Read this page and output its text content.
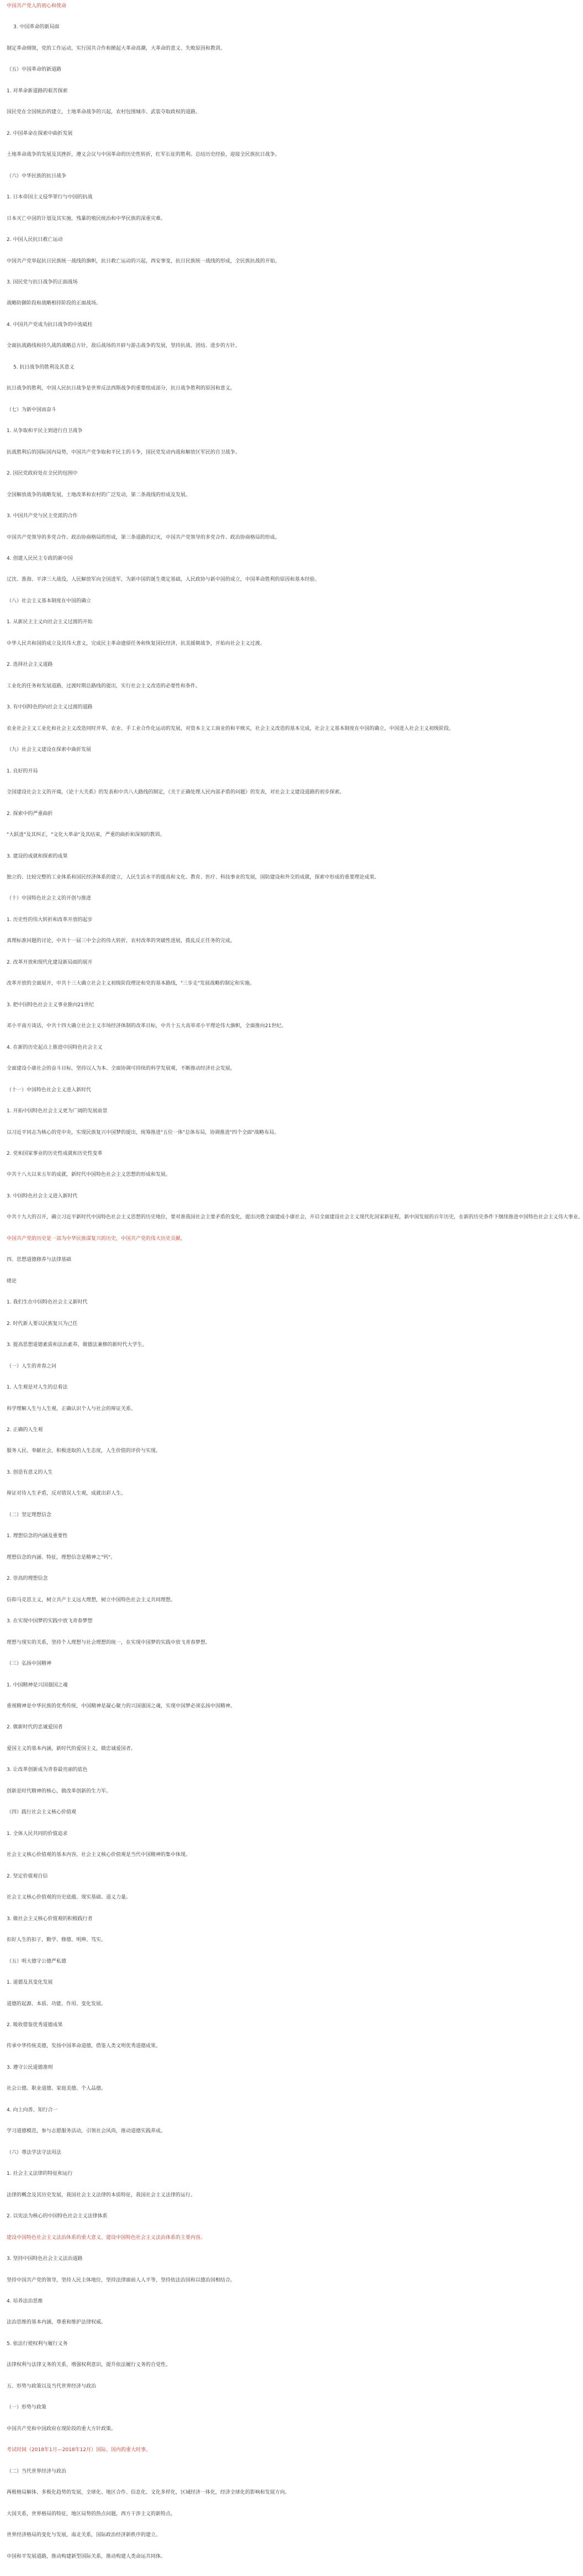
中国共产党人的初心和使命
3. 中国革命的新局面
制定革命纲领，党的工作运动，实行国共合作和掀起大革命高潮，大革命的意义、失败原因和教训。
（五）中国革命的新道路
1. 对革命新道路的艰苦探索
国民党在全国统治的建立，土地革命战争的兴起，农村包围城市、武装夺取政权的道路。
2. 中国革命在探索中曲折发展
土地革命战争的发展及其挫折，遵义会议与中国革命的历史性转折，红军长征的胜利。总结历史经验，迎接全民族抗日战争。
（六）中华民族的抗日战争
1. 日本帝国主义侵华罪行与中国的抗战
日本灭亡中国的计划及其实施，残暴的殖民统治和中华民族的深重灾难。
2. 中国人民抗日救亡运动
中国共产党举起抗日民族统一战线的旗帜，抗日救亡运动的兴起，西安事变，抗日民族统一战线的形成，全民族抗战的开始。
3. 国民党与抗日战争的正面战场
战略防御阶段和战略相持阶段的正面战场。
4. 中国共产党成为抗日战争的中流砥柱
全面抗战路线和持久战的战略总方针，敌后战场的开辟与游击战争的发展，坚持抗战、团结、进步的方针。
5. 抗日战争的胜利及其意义
抗日战争的胜利，中国人民抗日战争是世界反法西斯战争的重要组成部分，抗日战争胜利的原因和意义。
（七）为新中国而奋斗
1. 从争取和平民主到进行自卫战争
抗战胜利后的国际国内局势，中国共产党争取和平民主的斗争，国民党发动内战和解放区军民的自卫战争。
2. 国民党政府处在全民的包围中
全国解放战争的战略发展，土地改革和农村的广泛发动，第二条战线的形成及发展。
3. 中国共产党与民主党派的合作
中国共产党领导的多党合作、政治协商格局的形成，第三条道路的幻灭，中国共产党领导的多党合作、政治协商格局的形成。
4. 创建人民民主专政的新中国
辽沈、淮海、平津三大战役，人民解放军向全国进军，为新中国的诞生奠定基础，人民政协与新中国的成立，中国革命胜利的原因和基本经验。
（八）社会主义基本制度在中国的确立
1. 从新民主主义向社会主义过渡的开始
中华人民共和国的成立及其伟大意义，完成民主革命遗留任务和恢复国民经济，抗美援朝战争，开始向社会主义过渡。
2. 选择社会主义道路
工业化的任务和发展道路，过渡时期总路线的提出，实行社会主义改造的必要性和条件。
3. 有中国特色的向社会主义过渡的道路
农业社会主义工业化和社会主义改造同时并举，农业、手工业合作化运动的发展，对资本主义工商业的和平赎买，社会主义改造的基本完成，社会主义基本制度在中国的确立，中国进入社会主义初级阶段。
（九）社会主义建设在探索中曲折发展
1. 良好的开局
全国建设社会主义的开端，《论十大关系》的发表和中共八大路线的制定，《关于正确处理人民内部矛盾的问题》的发表，对社会主义建设道路的初步探索。
2. 探索中的严重曲折
"大跃进"及其纠正，"文化大革命"及其结束，严重的曲折和深刻的教训。
3. 建设的成就和探索的成果
独立的、比较完整的工业体系和国民经济体系的建立，人民生活水平的提高和文化、教育、医疗、科技事业的发展，国防建设和外交的成就，探索中形成的重要理论成果。
（十）中国特色社会主义的开创与推进
1. 历史性的伟大转折和改革开放的起步
真理标准问题的讨论，中共十一届三中全会的伟大转折，农村改革的突破性进展，拨乱反正任务的完成。
2. 改革开放和现代化建设新局面的展开
改革开放的全面展开，中共十三大确立社会主义初级阶段理论和党的基本路线，"三步走"发展战略的制定和实施。
3. 把中国特色社会主义事业推向21世纪
邓小平南方谈话，中共十四大确立社会主义市场经济体制的改革目标，中共十五大高举邓小平理论伟大旗帜，全面推向21世纪。
4. 在新的历史起点上推进中国特色社会主义
全面建设小康社会的奋斗目标，坚持以人为本、全面协调可持续的科学发展观，不断推动经济社会发展。
（十一）中国特色社会主义进入新时代
1. 开拓中国特色社会主义更为广阔的发展前景
以习近平同志为核心的党中央，实现民族复兴中国梦的提出，统筹推进"五位一体"总体布局，协调推进"四个全面"战略布局。
2. 党和国家事业的历史性成就和历史性变革
中共十八大以来五年的成就，新时代中国特色社会主义思想的形成和发展。
3. 中国特色社会主义进入新时代
中共十九大的召开，确立习近平新时代中国特色社会主义思想的历史地位，要对准我国社会主要矛盾的变化，提出决胜全面建成小康社会，开启全面建设社会主义现代化国家新征程，新中国发展的百年历史，在新的历史条件下继续推进中国特色社会主义伟大事业。
中国共产党的历史是一部为中华民族谋复兴的历史，中国共产党的伟大历史贡献。
四、思想道德修养与法律基础
绪论
1. 我们生在中国特色社会主义新时代
2. 时代新人要以民族复兴为己任
3. 提高思想道德素质和法治素养，做德法兼修的新时代大学生。
（一）人生的青春之问
1. 人生观是对人生的总看法
科学理解人生与人生观，正确认识个人与社会的辩证关系。
2. 正确的人生观
服务人民、奉献社会，积极进取的人生态度，人生价值的评价与实现。
3. 创造有意义的人生
辩证对待人生矛盾，反对错误人生观，成就出彩人生。
（二）坚定理想信念
1. 理想信念的内涵及重要性
理想信念的内涵、特征，理想信念是精神之"钙"。
2. 崇高的理想信念
信仰马克思主义，树立共产主义远大理想，树立中国特色社会主义共同理想。
3. 在实现中国梦的实践中放飞青春梦想
理想与现实的关系，坚持个人理想与社会理想的统一，在实现中国梦的实践中放飞青春梦想。
（三）弘扬中国精神
1. 中国精神是兴国强国之魂
重视精神是中华民族的优秀传统，中国精神是凝心聚力的兴国强国之魂，实现中国梦必须弘扬中国精神。
2. 做新时代的忠诚爱国者
爱国主义的基本内涵，新时代的爱国主义，做忠诚爱国者。
3. 让改革创新成为青春最亮丽的底色
创新是时代精神的核心，做改革创新的生力军。
（四）践行社会主义核心价值观
1. 全体人民共同的价值追求
社会主义核心价值观的基本内容，社会主义核心价值观是当代中国精神的集中体现。
2. 坚定价值观自信
社会主义核心价值观的历史底蕴、现实基础、道义力量。
3. 做社会主义核心价值观的积极践行者
扣好人生的扣子，勤学、修德、明辨、笃实。
（五）明大德守公德严私德
1. 道德及其变化发展
道德的起源、本质、功能、作用、变化发展。
2. 吸收借鉴优秀道德成果
传承中华传统美德，发扬中国革命道德，借鉴人类文明优秀道德成果。
3. 遵守公民道德准则
社会公德、职业道德、家庭美德、个人品德。
4. 向上向善、知行合一
学习道德模范，参与志愿服务活动，引领社会风尚，推动道德实践养成。
（六）尊法学法守法用法
1. 社会主义法律的特征和运行
法律的概念及其历史发展，我国社会主义法律的本质特征，我国社会主义法律的运行。
2. 以宪法为核心的中国特色社会主义法律体系
建设中国特色社会主义法治体系的重大意义、建设中国特色社会主义法治体系的主要内容。
3. 坚持中国特色社会主义法治道路
坚持中国共产党的领导，坚持人民主体地位，坚持法律面前人人平等，坚持依法治国和以德治国相结合。
4. 培养法治思维
法治思维的基本内涵，尊重和维护法律权威。
5. 依法行使权利与履行义务
法律权利与法律义务的关系，增强权利意识，提升依法履行义务的自觉性。
五、形势与政策以及当代世界经济与政治
（一）形势与政策
中国共产党和中国政府在现阶段的重大方针政策。
考试时间（2018年1月—2018年12月）国际、国内的重大时事。
（二）当代世界经济与政治
两极格局解体、多极化趋势的发展，全球化、地区合作、信息化、文化多样化，区域经济一体化，经济全球化的影响和发展方向。
大国关系，世界格局的特征，地区局势的热点问题，西方干涉主义的新特点。
世界经济格局的变化与发展，南北关系，国际政治经济新秩序的建立。
中国和平发展道路，推动构建新型国际关系，推动构建人类命运共同体。
